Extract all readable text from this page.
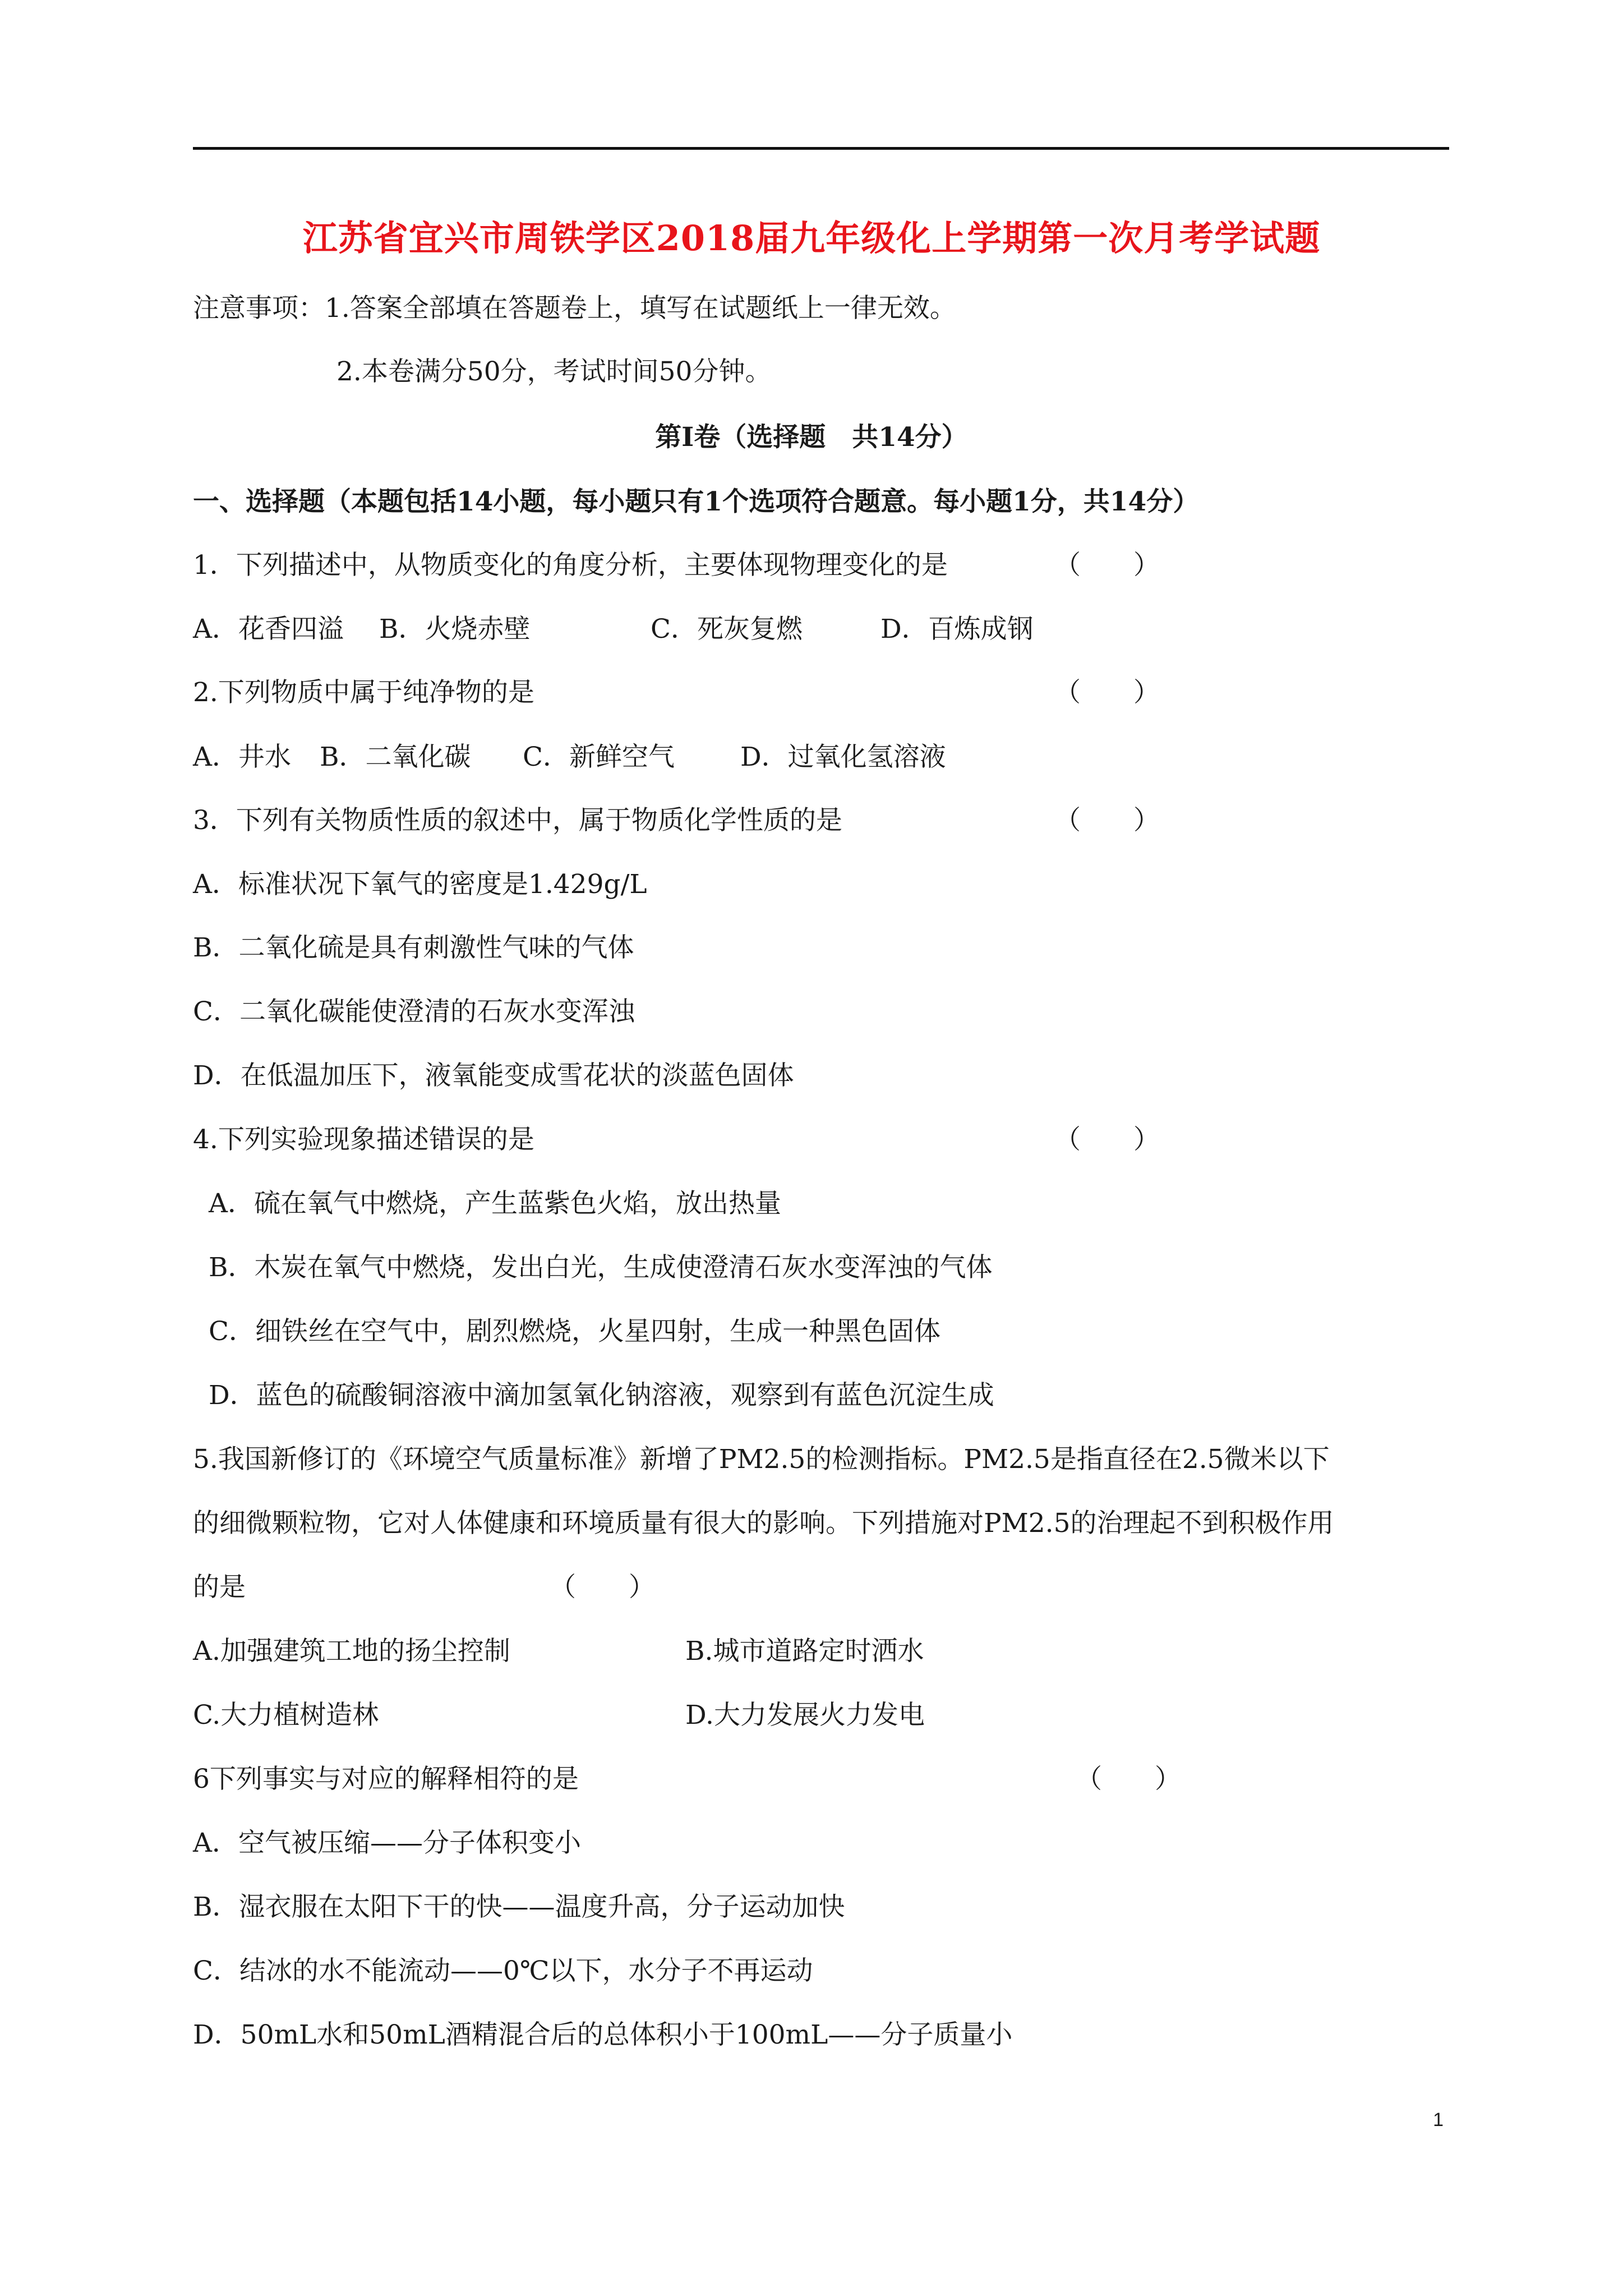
江苏省宜兴市周铁学区2018届九年级化上学期第一次月考学试题
注意事项：1.答案全部填在答题卷上，填写在试题纸上一律无效。
2.本卷满分50分，考试时间50分钟。
第Ⅰ卷（选择题　共14分）
一、选择题（本题包括14小题，每小题只有1个选项符合题意。每小题1分，共14分）
1．下列描述中，从物质变化的角度分析，主要体现物理变化的是	（　　）
A．花香四溢 B．火烧赤壁	C．死灰复燃	D．百炼成钢
2.下列物质中属于纯净物的是	（　　）
A．井水 B．二氧化碳 C．新鲜空气 D．过氧化氢溶液
3．下列有关物质性质的叙述中，属于物质化学性质的是	（　　）
A．标准状况下氧气的密度是1.429g/L
B．二氧化硫是具有刺激性气味的气体
C．二氧化碳能使澄清的石灰水变浑浊
D．在低温加压下，液氧能变成雪花状的淡蓝色固体
4.下列实验现象描述错误的是	（　　）
A．硫在氧气中燃烧，产生蓝紫色火焰，放出热量
B．木炭在氧气中燃烧，发出白光，生成使澄清石灰水变浑浊的气体
C．细铁丝在空气中，剧烈燃烧，火星四射，生成一种黑色固体
D．蓝色的硫酸铜溶液中滴加氢氧化钠溶液，观察到有蓝色沉淀生成
5.我国新修订的《环境空气质量标准》新增了PM2.5的检测指标。PM2.5是指直径在2.5微米以下
的细微颗粒物，它对人体健康和环境质量有很大的影响。下列措施对PM2.5的治理起不到积极作用
的是	（　　）
A.加强建筑工地的扬尘控制	B.城市道路定时洒水
C.大力植树造林	D.大力发展火力发电
6下列事实与对应的解释相符的是	（　　）
A．空气被压缩——分子体积变小
B．湿衣服在太阳下干的快——温度升高，分子运动加快
C．结冰的水不能流动——0℃以下，水分子不再运动
D．50mL水和50mL酒精混合后的总体积小于100mL——分子质量小
1
